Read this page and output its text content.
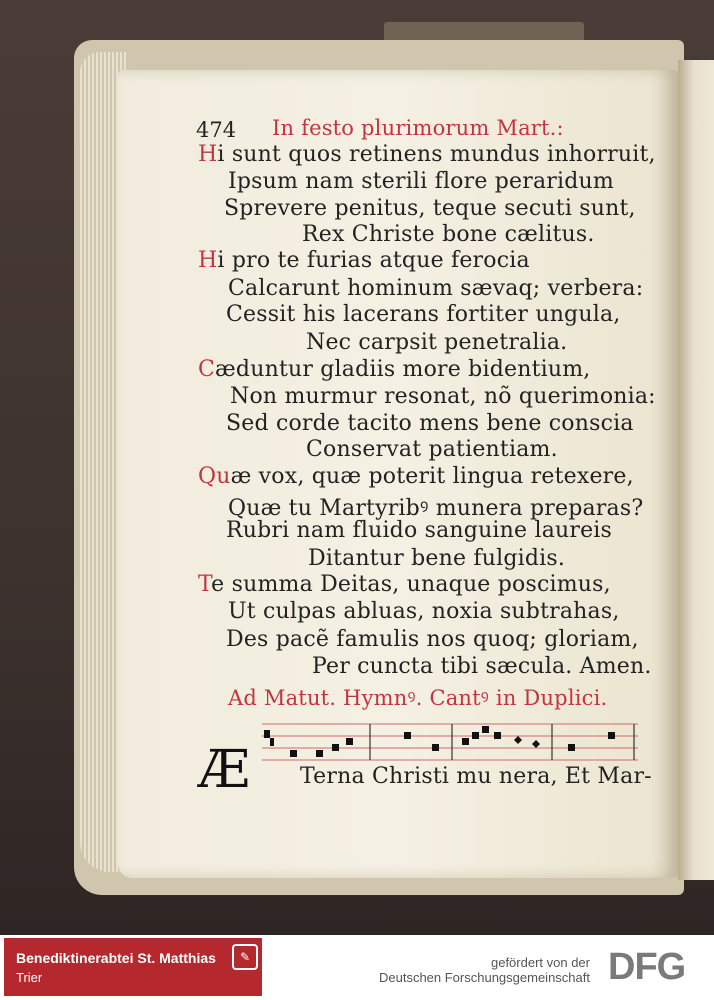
474 In festo plurimorum Mart.:
Hi sunt quos retinens mundus inhorruit,
Ipsum nam sterili flore peraridum
Sprevere penitus, teque secuti sunt,
Rex Christe bone cælitus.
Hi pro te furias atque ferocia
Calcarunt hominum sævaq; verbera:
Cessit his lacerans fortiter ungula,
Nec carpsit penetralia.
Cæduntur gladiis more bidentium,
Non murmur resonat, nõ querimonia:
Sed corde tacito mens bene conscia
Conservat patientiam.
Quæ vox, quæ poterit lingua retexere,
Quæ tu Martyribꝰ munera preparas?
Rubri nam fluido sanguine laureis
Ditantur bene fulgidis.
Te summa Deitas, unaque poscimus,
Ut culpas abluas, noxia subtrahas,
Des pacẽ famulis nos quoq; gloriam,
Per cuncta tibi sæcula. Amen.
Ad Matut. Hymnꝰ. Cantꝰ in Duplici.
Æ Terna Christi mu nera, Et Mar-
Benediktinerabtei St. Matthias
Trier
✎	gefördert von der
Deutschen Forschungsgemeinschaft DFG
